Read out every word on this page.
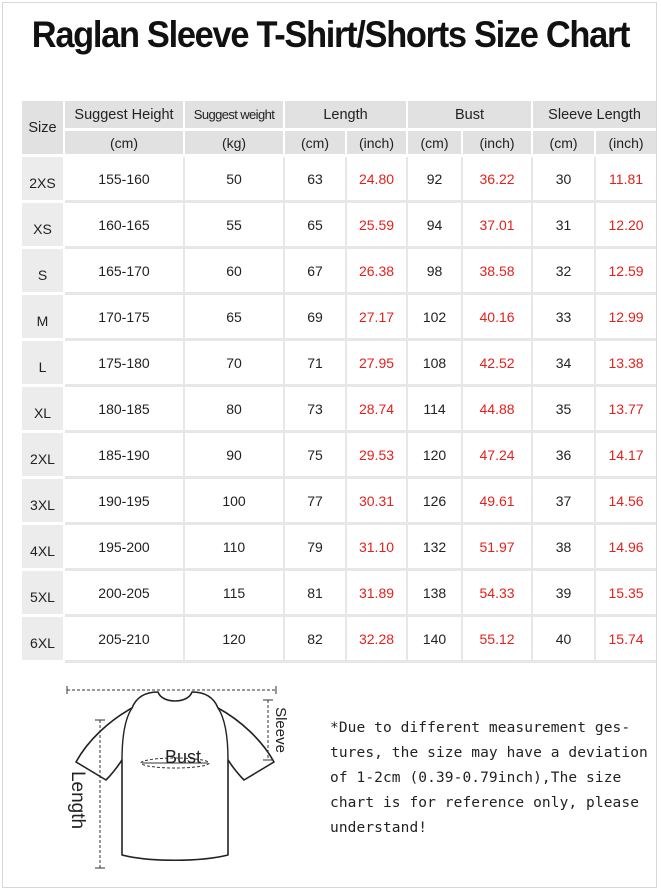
Raglan Sleeve T-Shirt/Shorts Size Chart
Size	Suggest Height	Suggest weight	Length		Bust		Sleeve Length	
	(cm)	(kg)	(cm)	(inch)	(cm)	(inch)	(cm)	(inch)
2XS	155-160	50	63	24.80	92	36.22	30	11.81
XS	160-165	55	65	25.59	94	37.01	31	12.20
S	165-170	60	67	26.38	98	38.58	32	12.59
M	170-175	65	69	27.17	102	40.16	33	12.99
L	175-180	70	71	27.95	108	42.52	34	13.38
XL	180-185	80	73	28.74	114	44.88	35	13.77
2XL	185-190	90	75	29.53	120	47.24	36	14.17
3XL	190-195	100	77	30.31	126	49.61	37	14.56
4XL	195-200	110	79	31.10	132	51.97	38	14.96
5XL	200-205	115	81	31.89	138	54.33	39	15.35
6XL	205-210	120	82	32.28	140	55.12	40	15.74
Bust
Length
Sleeve	*Due to different measurement ges-
tures, the size may have a deviation
of 1-2cm (0.39-0.79inch),The size
chart is for reference only, please
understand!
